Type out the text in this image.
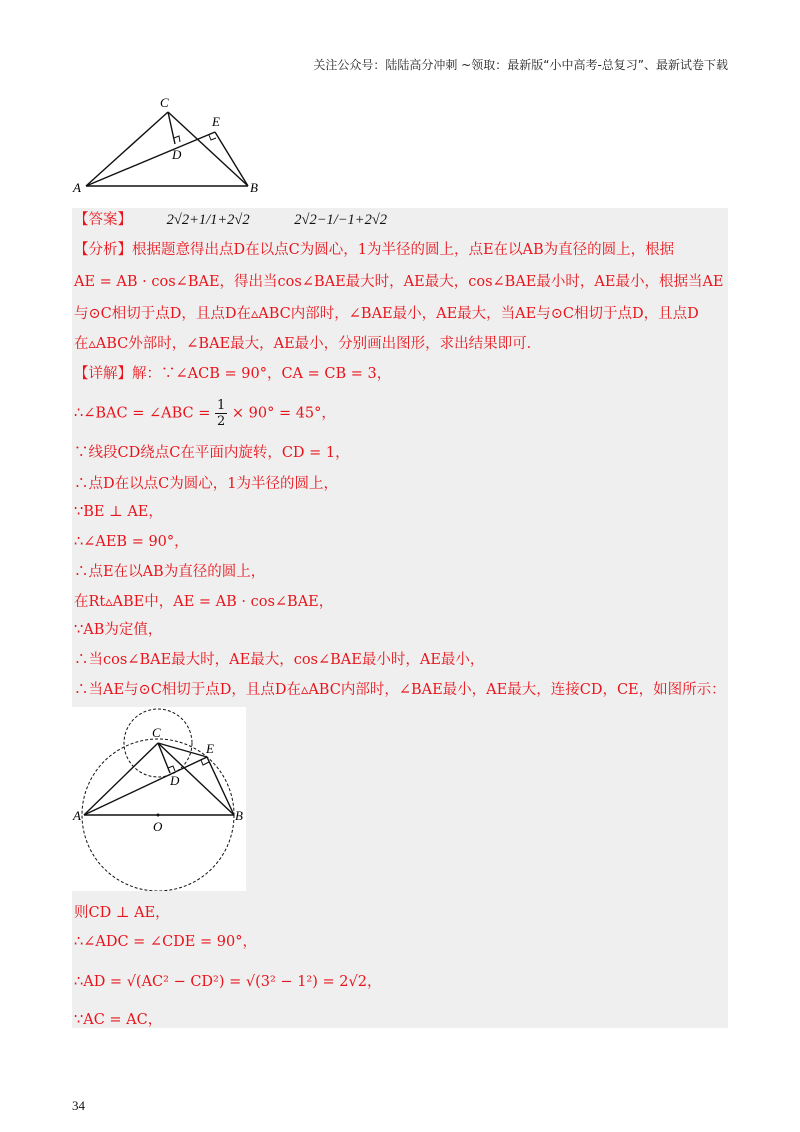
关注公众号：陆陆高分冲刺 ~领取：最新版“小中高考-总复习”、最新试卷下载
C
E
D
A	B
【答案】 2√2+1/1+2√2	2√2−1/−1+2√2
【分析】根据题意得出点D在以点C为圆心，1为半径的圆上，点E在以AB为直径的圆上，根据
AE = AB · cos∠BAE，得出当cos∠BAE最大时，AE最大，cos∠BAE最小时，AE最小，根据当AE
与⊙C相切于点D，且点D在▵ABC内部时，∠BAE最小，AE最大，当AE与⊙C相切于点D，且点D
在▵ABC外部时，∠BAE最大，AE最小，分别画出图形，求出结果即可．
【详解】解：∵∠ACB = 90°，CA = CB = 3，
∴∠BAC = ∠ABC = $\frac{1}{2} \times 90^\circ = 45^\circ$，
∵线段CD绕点C在平面内旋转，CD = 1，
∴点D在以点C为圆心，1为半径的圆上，
∵BE ⊥ AE，
∴∠AEB = 90°，
∴点E在以AB为直径的圆上，
在Rt▵ABE中，AE = AB · cos∠BAE，
∵AB为定值，
∴当cos∠BAE最大时，AE最大，cos∠BAE最小时，AE最小，
∴当AE与⊙C相切于点D，且点D在▵ABC内部时，∠BAE最小，AE最大，连接CD，CE，如图所示：
C
E
D
A	B
O
则CD ⊥ AE，
∴∠ADC = ∠CDE = 90°，
∴AD = √(AC² − CD²) = √(3² − 1²) = 2√2，
∵AC = AC，
34
